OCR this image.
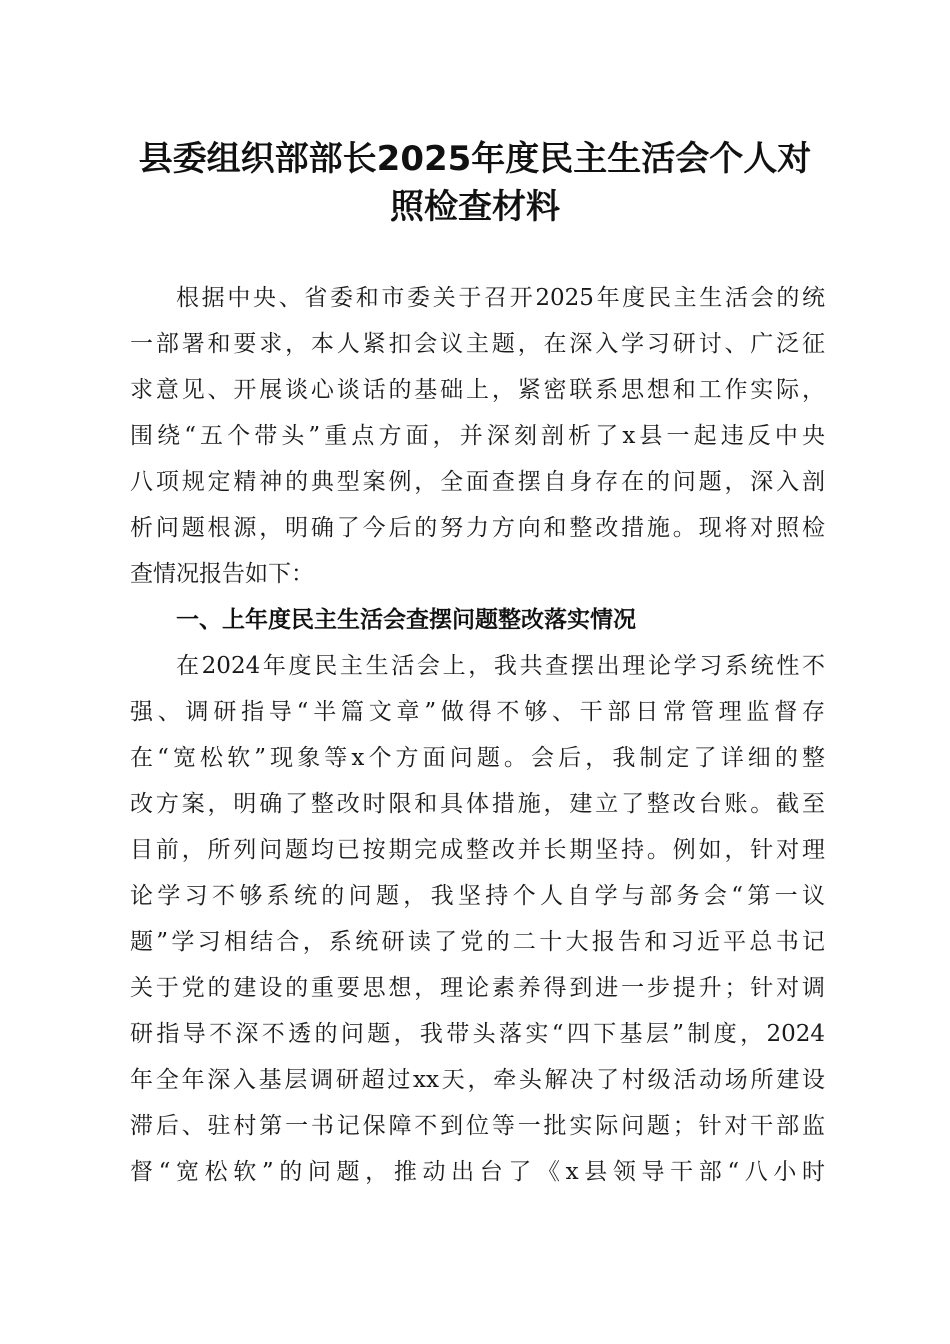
县委组织部部长2025年度民主生活会个人对
照检查材料
根据中央、省委和市委关于召开2025年度民主生活会的统
一部署和要求，本人紧扣会议主题，在深入学习研讨、广泛征
求意见、开展谈心谈话的基础上，紧密联系思想和工作实际，
围绕“五个带头”重点方面，并深刻剖析了x县一起违反中央
八项规定精神的典型案例，全面查摆自身存在的问题，深入剖
析问题根源，明确了今后的努力方向和整改措施。现将对照检
查情况报告如下：
一、上年度民主生活会查摆问题整改落实情况
在2024年度民主生活会上，我共查摆出理论学习系统性不
强、调研指导“半篇文章”做得不够、干部日常管理监督存
在“宽松软”现象等x个方面问题。会后，我制定了详细的整
改方案，明确了整改时限和具体措施，建立了整改台账。截至
目前，所列问题均已按期完成整改并长期坚持。例如，针对理
论学习不够系统的问题，我坚持个人自学与部务会“第一议
题”学习相结合，系统研读了党的二十大报告和习近平总书记
关于党的建设的重要思想，理论素养得到进一步提升；针对调
研指导不深不透的问题，我带头落实“四下基层”制度，2024
年全年深入基层调研超过xx天，牵头解决了村级活动场所建设
滞后、驻村第一书记保障不到位等一批实际问题；针对干部监
督“宽松软”的问题，推动出台了《x县领导干部“八小时
